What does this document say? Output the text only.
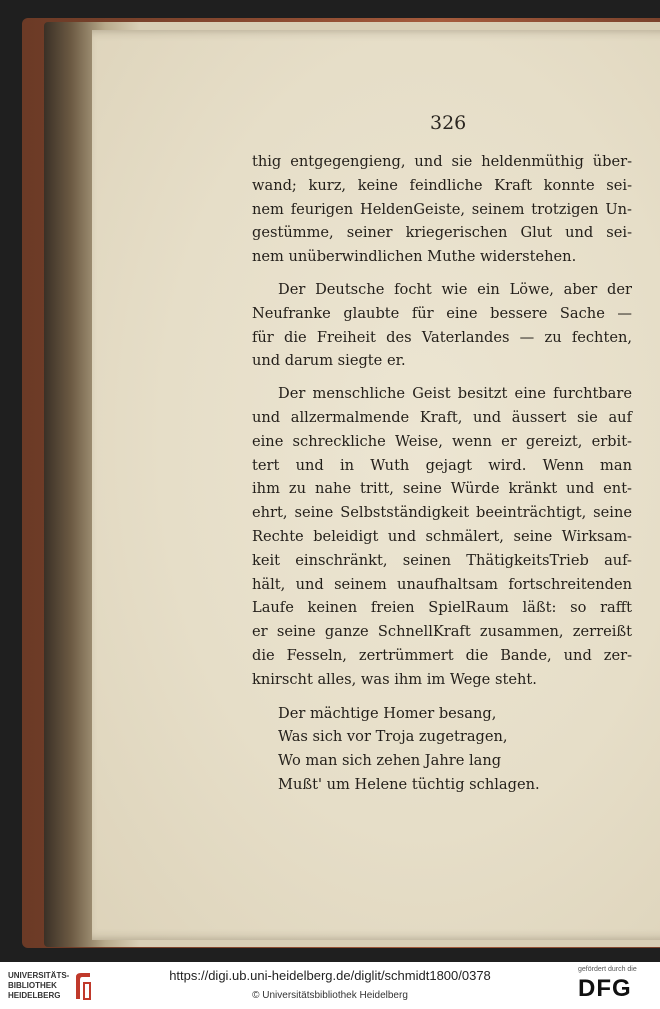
326

thig entgegengieng, und sie heldenmüthig über-

wand; kurz, keine feindliche Kraft konnte sei-

nem feurigen HeldenGeiste, seinem trotzigen Un-

gestümme, seiner kriegerischen Glut und sei-

nem unüberwindlichen Muthe widerstehen.

Der Deutsche focht wie ein Löwe, aber der

Neufranke glaubte für eine bessere Sache —

für die Freiheit des Vaterlandes — zu fechten,

und darum siegte er.

Der menschliche Geist besitzt eine furchtbare

und allzermalmende Kraft, und äussert sie auf

eine schreckliche Weise, wenn er gereizt, erbit-

tert und in Wuth gejagt wird. Wenn man

ihm zu nahe tritt, seine Würde kränkt und ent-

ehrt, seine Selbstständigkeit beeinträchtigt, seine

Rechte beleidigt und schmälert, seine Wirksam-

keit einschränkt, seinen ThätigkeitsTrieb auf-

hält, und seinem unaufhaltsam fortschreitenden

Laufe keinen freien SpielRaum läßt: so rafft

er seine ganze SchnellKraft zusammen, zerreißt

die Fesseln, zertrümmert die Bande, und zer-

knirscht alles, was ihm im Wege steht.

Der mächtige Homer besang,

Was sich vor Troja zugetragen,

Wo man sich zehen Jahre lang

Mußt' um Helene tüchtig schlagen.

UNIVERSITÄTS-
BIBLIOTHEK
HEIDELBERG
https://digi.ub.uni-heidelberg.de/diglit/schmidt1800/0378
© Universitätsbibliothek Heidelberg
gefördert durch die
DFG
